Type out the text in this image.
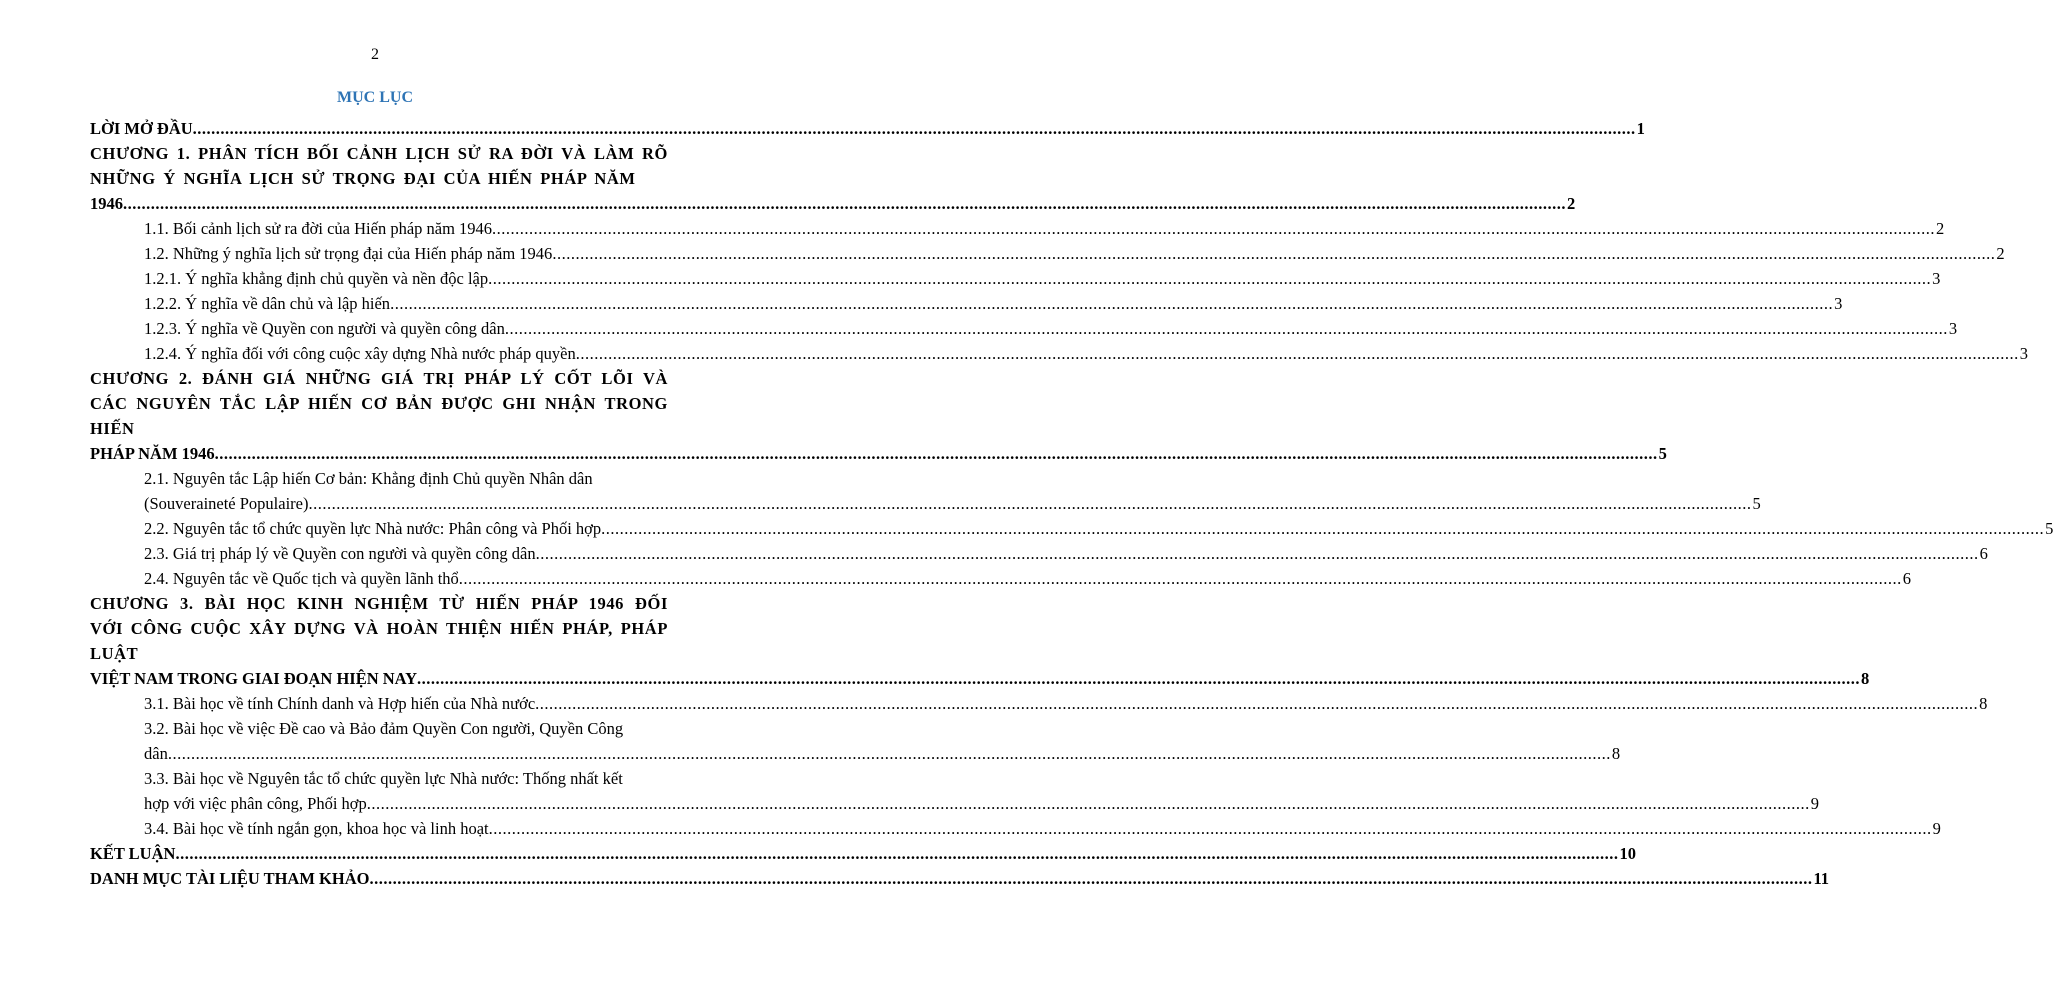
2
MỤC LỤC
LỜI MỞ ĐẦU .....	1
CHƯƠNG 1. PHÂN TÍCH BỐI CẢNH LỊCH SỬ RA ĐỜI VÀ LÀM RÕ NHỮNG Ý NGHĨA LỊCH SỬ TRỌNG ĐẠI CỦA HIẾN PHÁP NĂM
1946 .....	2
1.1. Bối cảnh lịch sử ra đời của Hiến pháp năm 1946 .....	2
1.2. Những ý nghĩa lịch sử trọng đại của Hiến pháp năm 1946 .....	2
1.2.1. Ý nghĩa khẳng định chủ quyền và nền độc lập .....	3
1.2.2. Ý nghĩa về dân chủ và lập hiến .....	3
1.2.3. Ý nghĩa về Quyền con người và quyền công dân .....	3
1.2.4. Ý nghĩa đối với công cuộc xây dựng Nhà nước pháp quyền .....	3
CHƯƠNG 2. ĐÁNH GIÁ NHỮNG GIÁ TRỊ PHÁP LÝ CỐT LÕI VÀ CÁC NGUYÊN TẮC LẬP HIẾN CƠ BẢN ĐƯỢC GHI NHẬN TRONG HIẾN
PHÁP NĂM 1946 .....	5
2.1. Nguyên tắc Lập hiến Cơ bản: Khẳng định Chủ quyền Nhân dân
(Souveraineté Populaire) .....	5
2.2. Nguyên tắc tổ chức quyền lực Nhà nước: Phân công và Phối hợp .....	5
2.3. Giá trị pháp lý về Quyền con người và quyền công dân .....	6
2.4. Nguyên tắc về Quốc tịch và quyền lãnh thổ .....	6
CHƯƠNG 3. BÀI HỌC KINH NGHIỆM TỪ HIẾN PHÁP 1946 ĐỐI VỚI CÔNG CUỘC XÂY DỰNG VÀ HOÀN THIỆN HIẾN PHÁP, PHÁP LUẬT
VIỆT NAM TRONG GIAI ĐOẠN HIỆN NAY .....	8
3.1. Bài học về tính Chính danh và Hợp hiến của Nhà nước .....	8
3.2. Bài học về việc Đề cao và Bảo đảm Quyền Con người, Quyền Công
dân .....	8
3.3. Bài học về Nguyên tắc tổ chức quyền lực Nhà nước: Thống nhất kết
hợp với việc phân công, Phối hợp .....	9
3.4. Bài học về tính ngắn gọn, khoa học và linh hoạt .....	9
KẾT LUẬN .....	10
DANH MỤC TÀI LIỆU THAM KHẢO .....	11
